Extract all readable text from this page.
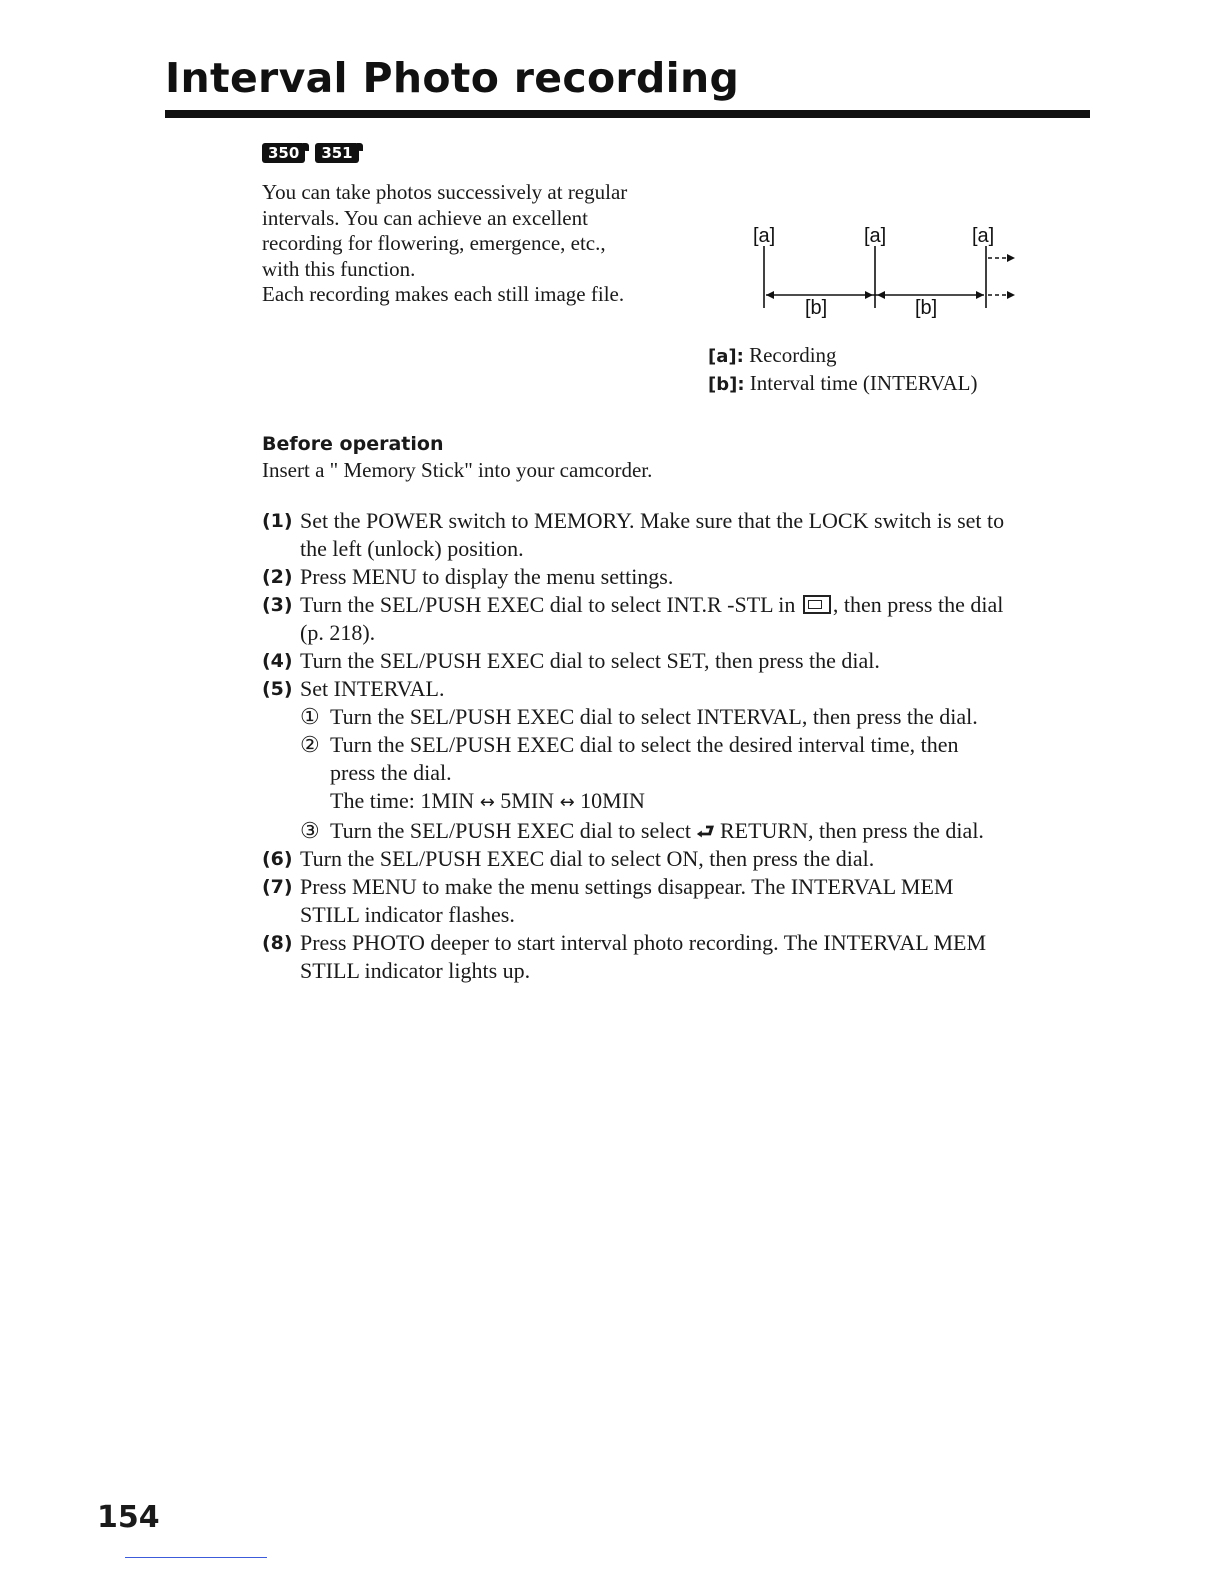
Interval Photo recording
350	351

You can take photos successively at regular

intervals. You can achieve an excellent

recording for flowering, emergence, etc.,

with this function.

Each recording makes each still image file.

[a]	[a]	[a]
[b]	[b]
[a]: Recording
[b]: Interval time (INTERVAL)
Before operation
Insert a " Memory Stick" into your camcorder.
(1) Set the POWER switch to MEMORY. Make sure that the LOCK switch is set to
the left (unlock) position.
(2) Press MENU to display the menu settings.
(3) Turn the SEL/PUSH EXEC dial to select INT.R -STL in , then press the dial
(p. 218).
(4) Turn the SEL/PUSH EXEC dial to select SET, then press the dial.
(5) Set INTERVAL.
① Turn the SEL/PUSH EXEC dial to select INTERVAL, then press the dial.
② Turn the SEL/PUSH EXEC dial to select the desired interval time, then
press the dial.
The time: 1MIN ↔ 5MIN ↔ 10MIN
③ Turn the SEL/PUSH EXEC dial to select ⮐ RETURN, then press the dial.
(6) Turn the SEL/PUSH EXEC dial to select ON, then press the dial.
(7) Press MENU to make the menu settings disappear. The INTERVAL MEM
STILL indicator flashes.
(8) Press PHOTO deeper to start interval photo recording. The INTERVAL MEM
STILL indicator lights up.
154
